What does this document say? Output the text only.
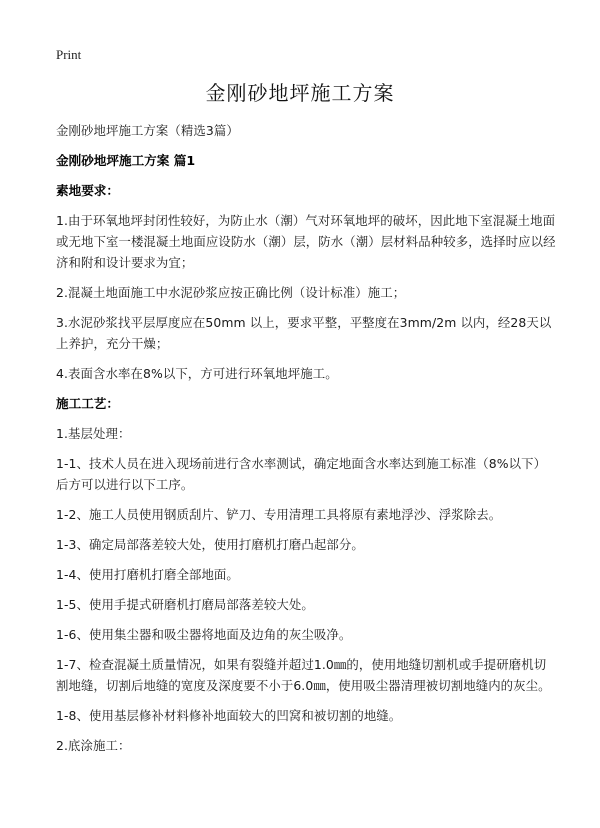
Print
金刚砂地坪施工方案

金刚砂地坪施工方案（精选3篇）

金刚砂地坪施工方案 篇1

素地要求：

1.由于环氧地坪封闭性较好，为防止水（潮）气对环氧地坪的破坏，因此地下室混凝土地面或无地下室一楼混凝土地面应设防水（潮）层，防水（潮）层材料品种较多，选择时应以经济和附和设计要求为宜；

2.混凝土地面施工中水泥砂浆应按正确比例（设计标准）施工；

3.水泥砂浆找平层厚度应在50mm 以上，要求平整，平整度在3mm/2m 以内，经28天以上养护，充分干燥；

4.表面含水率在8%以下，方可进行环氧地坪施工。

施工工艺：

1.基层处理：

1-1、技术人员在进入现场前进行含水率测试，确定地面含水率达到施工标准（8%以下）后方可以进行以下工序。

1-2、施工人员使用钢质刮片、铲刀、专用清理工具将原有素地浮沙、浮浆除去。

1-3、确定局部落差较大处，使用打磨机打磨凸起部分。

1-4、使用打磨机打磨全部地面。

1-5、使用手提式研磨机打磨局部落差较大处。

1-6、使用集尘器和吸尘器将地面及边角的灰尘吸净。

1-7、检查混凝土质量情况，如果有裂缝并超过1.0㎜的，使用地缝切割机或手提研磨机切割地缝，切割后地缝的宽度及深度要不小于6.0㎜，使用吸尘器清理被切割地缝内的灰尘。

1-8、使用基层修补材料修补地面较大的凹窝和被切割的地缝。

2.底涂施工：
